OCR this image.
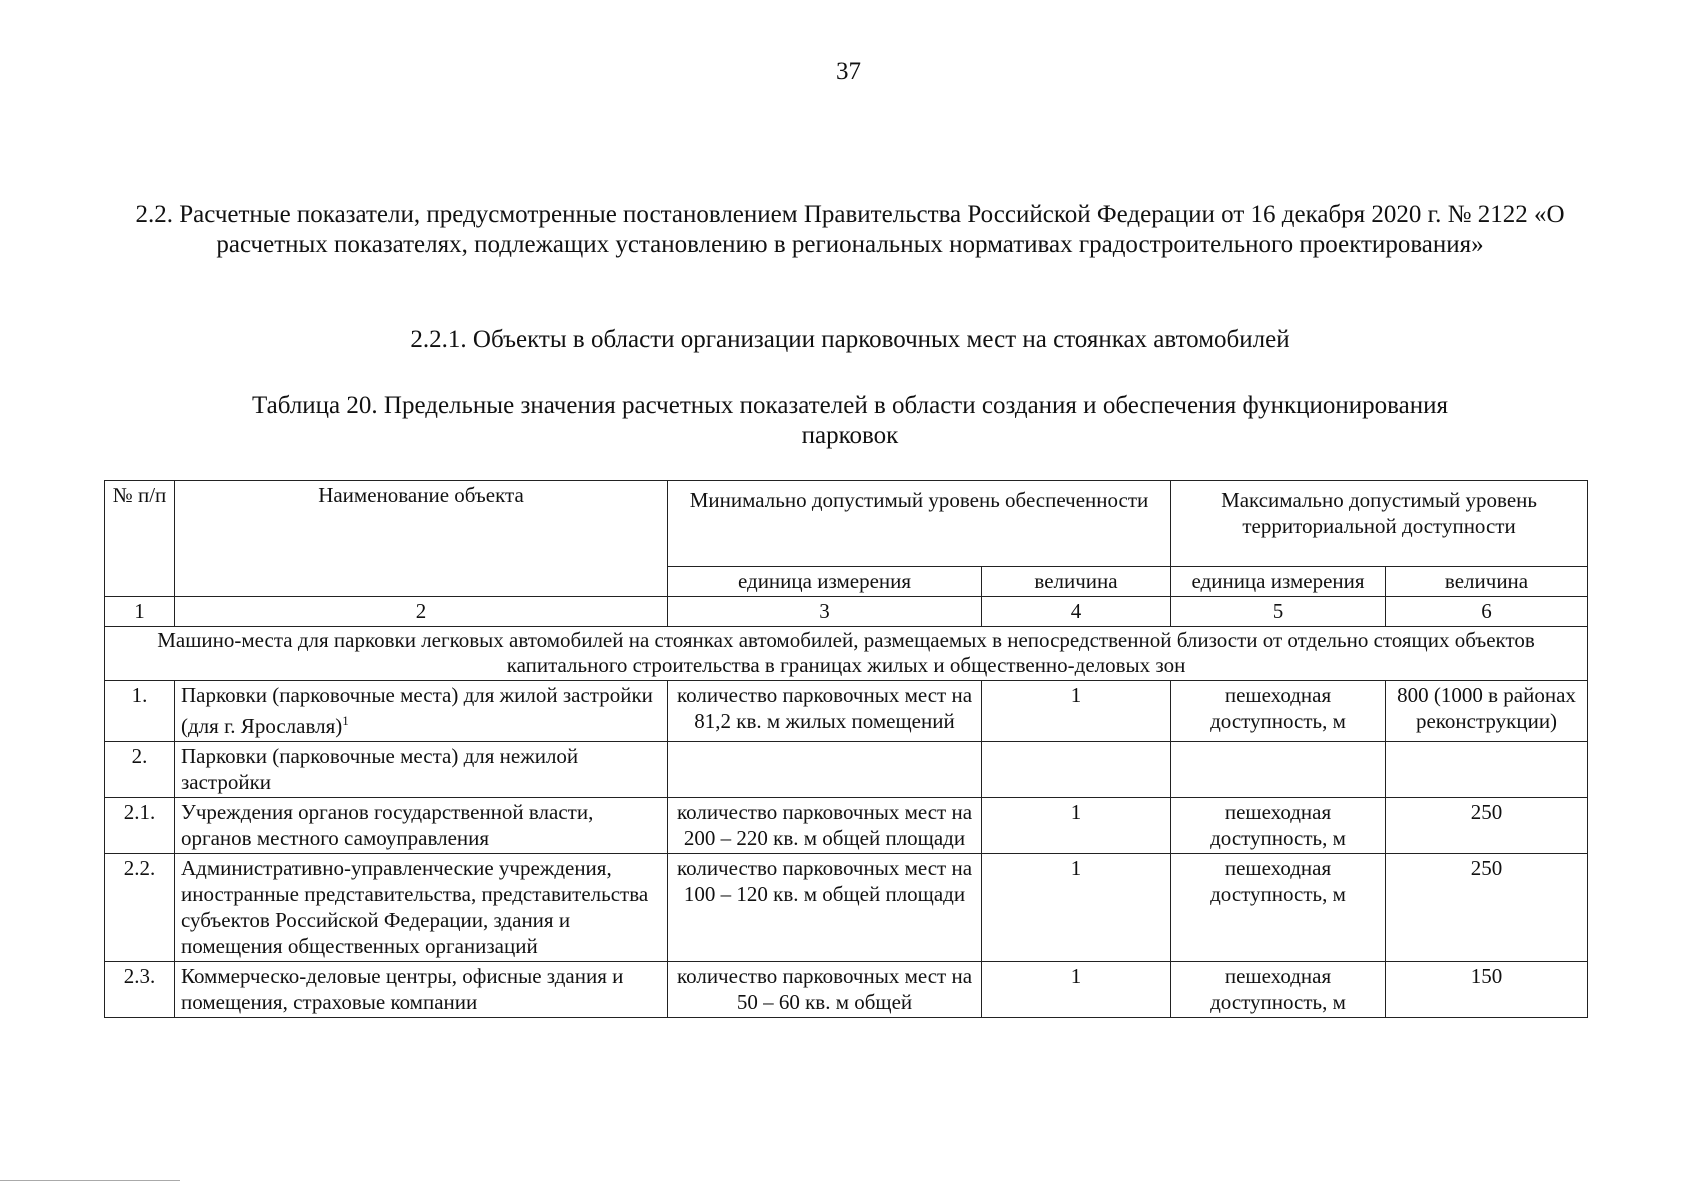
37
2.2. Расчетные показатели, предусмотренные постановлением Правительства Российской Федерации от 16 декабря 2020 г. № 2122 «О расчетных показателях, подлежащих установлению в региональных нормативах градостроительного проектирования»
2.2.1. Объекты в области организации парковочных мест на стоянках автомобилей
Таблица 20. Предельные значения расчетных показателей в области создания и обеспечения функционирования парковок
№ п/п	Наименование объекта	Минимально допустимый уровень обеспеченности		Максимально допустимый уровень территориальной доступности	
		единица измерения	величина	единица измерения	величина
1	2	3	4	5	6
Машино-места для парковки легковых автомобилей на стоянках автомобилей, размещаемых в непосредственной близости от отдельно стоящих объектов капитального строительства в границах жилых и общественно-деловых зон					
1.	Парковки (парковочные места) для жилой застройки (для г. Ярославля)$^1$	количество парковочных мест на 81,2 кв. м жилых помещений	1	пешеходная доступность, м	800 (1000 в районах реконструкции)
2.	Парковки (парковочные места) для нежилой застройки				
2.1.	Учреждения органов государственной власти, органов местного самоуправления	количество парковочных мест на 200 – 220 кв. м общей площади	1	пешеходная доступность, м	250
2.2.	Административно-управленческие учреждения, иностранные представительства, представительства субъектов Российской Федерации, здания и помещения общественных организаций	количество парковочных мест на 100 – 120 кв. м общей площади	1	пешеходная доступность, м	250
2.3.	Коммерческо-деловые центры, офисные здания и помещения, страховые компании	количество парковочных мест на 50 – 60 кв. м общей	1	пешеходная доступность, м	150
